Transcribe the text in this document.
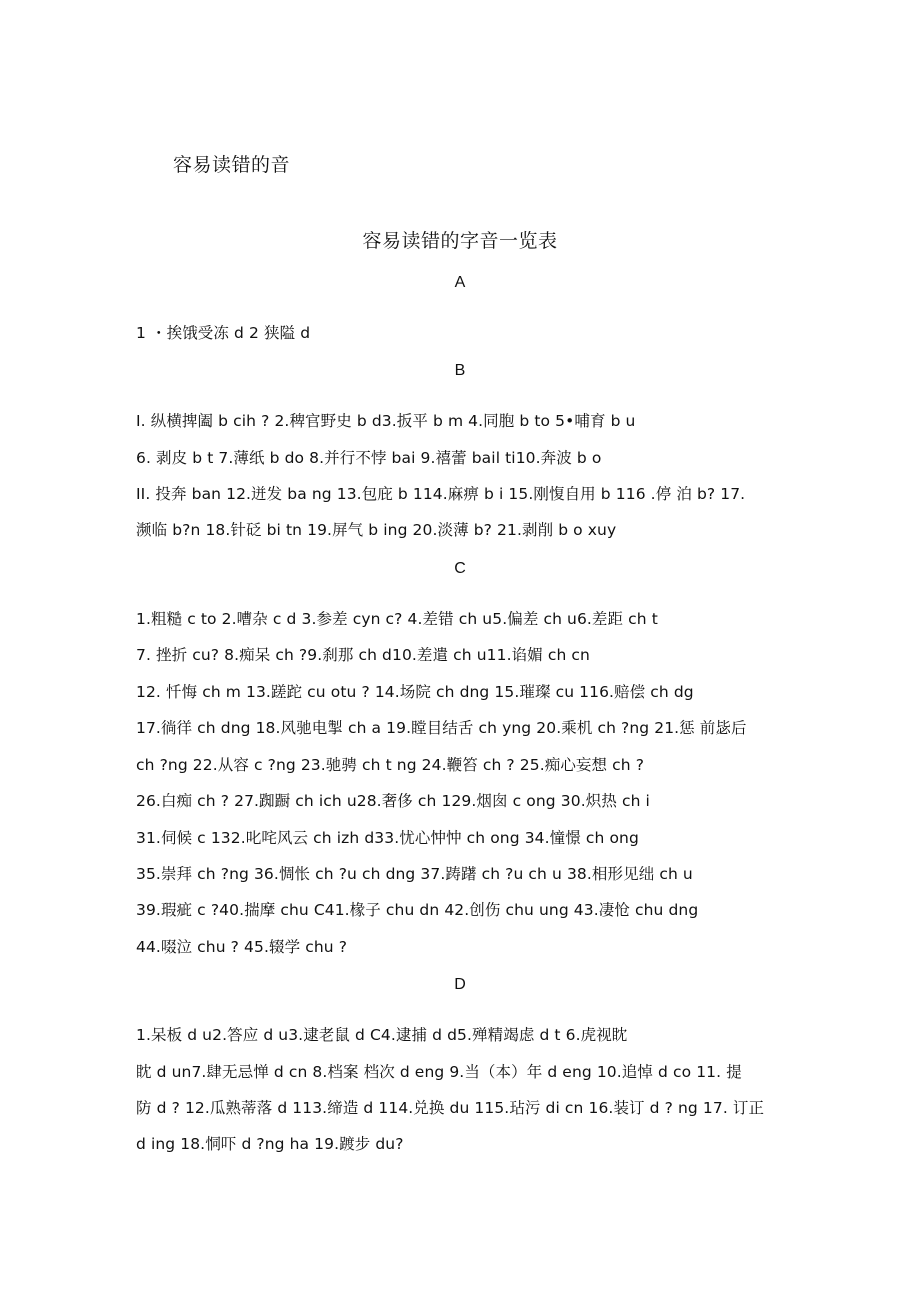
容易读错的音
容易读错的字音一览表
A
1 ・挨饿受冻 d 2 狭隘 d
B
I. 纵横捭阖 b cih ? 2.稗官野史 b d3.扳平 b m 4.同胞 b to 5•哺育 b u
6. 剥皮 b t 7.薄纸 b do 8.并行不悖 bai 9.禧蕾 bail ti10.奔波 b o
II. 投奔 ban 12.迸发 ba ng 13.包庇 b 114.麻痹 b i 15.刚愎自用 b 116 .停 泊 b? 17.
濒临 b?n 18.针砭 bi tn 19.屏气 b ing 20.淡薄 b? 21.剥削 b o xuy
C
1.粗糙 c to 2.嘈杂 c d 3.参差 cyn c? 4.差错 ch u5.偏差 ch u6.差距 ch t
7. 挫折 cu? 8.痴呆 ch ?9.刹那 ch d10.差遣 ch u11.谄媚 ch cn
12. 忏悔 ch m 13.蹉跎 cu otu ? 14.场院 ch dng 15.璀璨 cu 116.赔偿 ch dg
17.徜徉 ch dng 18.风驰电掣 ch a 19.瞠目结舌 ch yng 20.乘机 ch ?ng 21.惩 前毖后
ch ?ng 22.从容 c ?ng 23.驰骋 ch t ng 24.鞭笞 ch ? 25.痴心妄想 ch ?
26.白痴 ch ? 27.踟蹰 ch ich u28.奢侈 ch 129.烟囱 c ong 30.炽热 ch i
31.伺候 c 132.叱咤风云 ch izh d33.忧心忡忡 ch ong 34.憧憬 ch ong
35.崇拜 ch ?ng 36.惆怅 ch ?u ch dng 37.踌躇 ch ?u ch u 38.相形见绌 ch u
39.瑕疵 c ?40.揣摩 chu C41.椽子 chu dn 42.创伤 chu ung 43.凄怆 chu dng
44.啜泣 chu ? 45.辍学 chu ?
D
1.呆板 d u2.答应 d u3.逮老鼠 d C4.逮捕 d d5.殚精竭虑 d t 6.虎视眈
眈 d un7.肆无忌惮 d cn 8.档案 档次 d eng 9.当（本）年 d eng 10.追悼 d co 11. 提
防 d ? 12.瓜熟蒂落 d 113.缔造 d 114.兑换 du 115.玷污 di cn 16.装订 d ? ng 17. 订正
d ing 18.恫吓 d ?ng ha 19.踱步 du?
